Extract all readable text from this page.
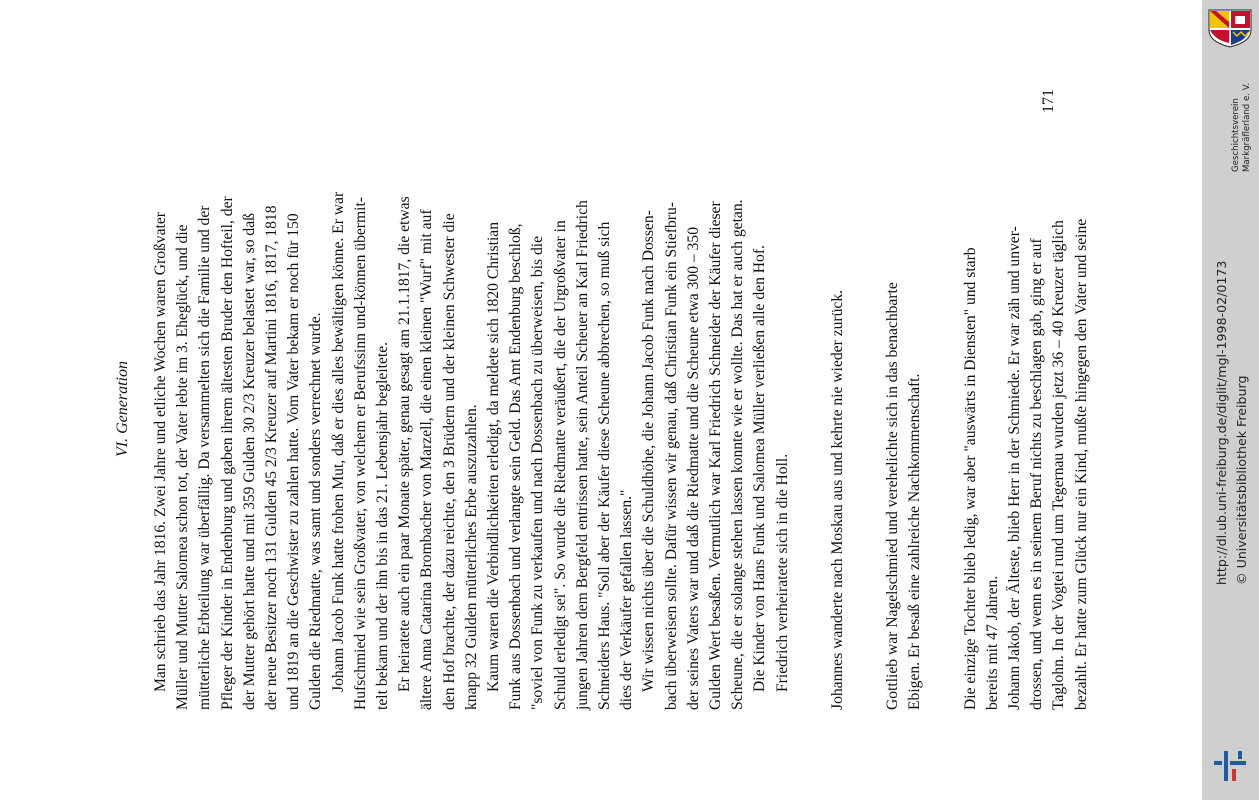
VI. Generation Man schrieb das Jahr 1816. Zwei Jahre und etliche Wochen waren Großvater Müller und Mutter Salomea schon tot, der Vater lebte im 3. Eheglück, und die mütterliche Erbteilung war überfällig. Da versammelten sich die Familie und der Pfleger der Kinder in Endenburg und gaben ihrem ältesten Bruder den Hofteil, der der Mutter gehört hatte und mit 359 Gulden 30 2/3 Kreuzer belastet war, so daß der neue Besitzer noch 131 Gulden 45 2/3 Kreuzer auf Martini 1816, 1817, 1818 und 1819 an die Geschwister zu zahlen hatte. Vom Vater bekam er noch für 150 Gulden die Riedmatte, was samt und sonders verrechnet wurde. Johann Jacob Funk hatte frohen Mut, daß er dies alles bewältigen könne. Er war Hufschmied wie sein Großvater, von welchem er Berufssinn und-können übermit- telt bekam und der ihn bis in das 21. Lebensjahr begleitete. Er heiratete auch ein paar Monate später, genau gesagt am 21.1.1817, die etwas ältere Anna Catarina Brombacher von Marzell, die einen kleinen "Wurf" mit auf den Hof brachte, der dazu reichte, den 3 Brüdern und der kleinen Schwester die knapp 32 Gulden mütterliches Erbe auszuzahlen. Kaum waren die Verbindlichkeiten erledigt, da meldete sich 1820 Christian Funk aus Dossenbach und verlangte sein Geld. Das Amt Endenburg beschloß, "soviel von Funk zu verkaufen und nach Dossenbach zu überweisen, bis die Schuld erledigt sei". So wurde die Riedmatte veräußert, die der Urgroßvater in jungen Jahren dem Bergfeld entrissen hatte, sein Anteil Scheuer an Karl Friedrich Schneiders Haus. "Soll aber der Käufer diese Scheune abbrechen, so muß sich dies der Verkäufer gefallen lassen." Wir wissen nichts über die Schuldhöhe, die Johann Jacob Funk nach Dossen- bach überweisen sollte. Dafür wissen wir genau, daß Christian Funk ein Stiefbru- der seines Vaters war und daß die Riedmatte und die Scheune etwa 300 – 350 Gulden Wert besaßen. Vermutlich war Karl Friedrich Schneider der Käufer dieser Scheune, die er solange stehen lassen konnte wie er wollte. Das hat er auch getan. Die Kinder von Hans Funk und Salomea Müller verließen alle den Hof. Friedrich verheiratete sich in die Holl. Johannes wanderte nach Moskau aus und kehrte nie wieder zurück. Gottlieb war Nagelschmied und verehelichte sich in das benachbarte Ebigen. Er besaß eine zahlreiche Nachkommenschaft. Die einzige Tochter blieb ledig, war aber "auswärts in Diensten" und starb bereits mit 47 Jahren. Johann Jakob, der Älteste, blieb Herr in der Schmiede. Er war zäh und unver- drossen, und wenn es in seinem Beruf nichts zu beschlagen gab, ging er auf Taglohn. In der Vogtei rund um Tegernau wurden jetzt 36 – 40 Kreuzer täglich bezahlt. Er hatte zum Glück nur ein Kind, mußte hingegen den Vater und seine

171
http://dl.ub.uni-freiburg.de/diglit/mgl-1998-02/0173 © Universitätsbibliothek Freiburg
Geschichtsverein Markgräflerland e. V.
